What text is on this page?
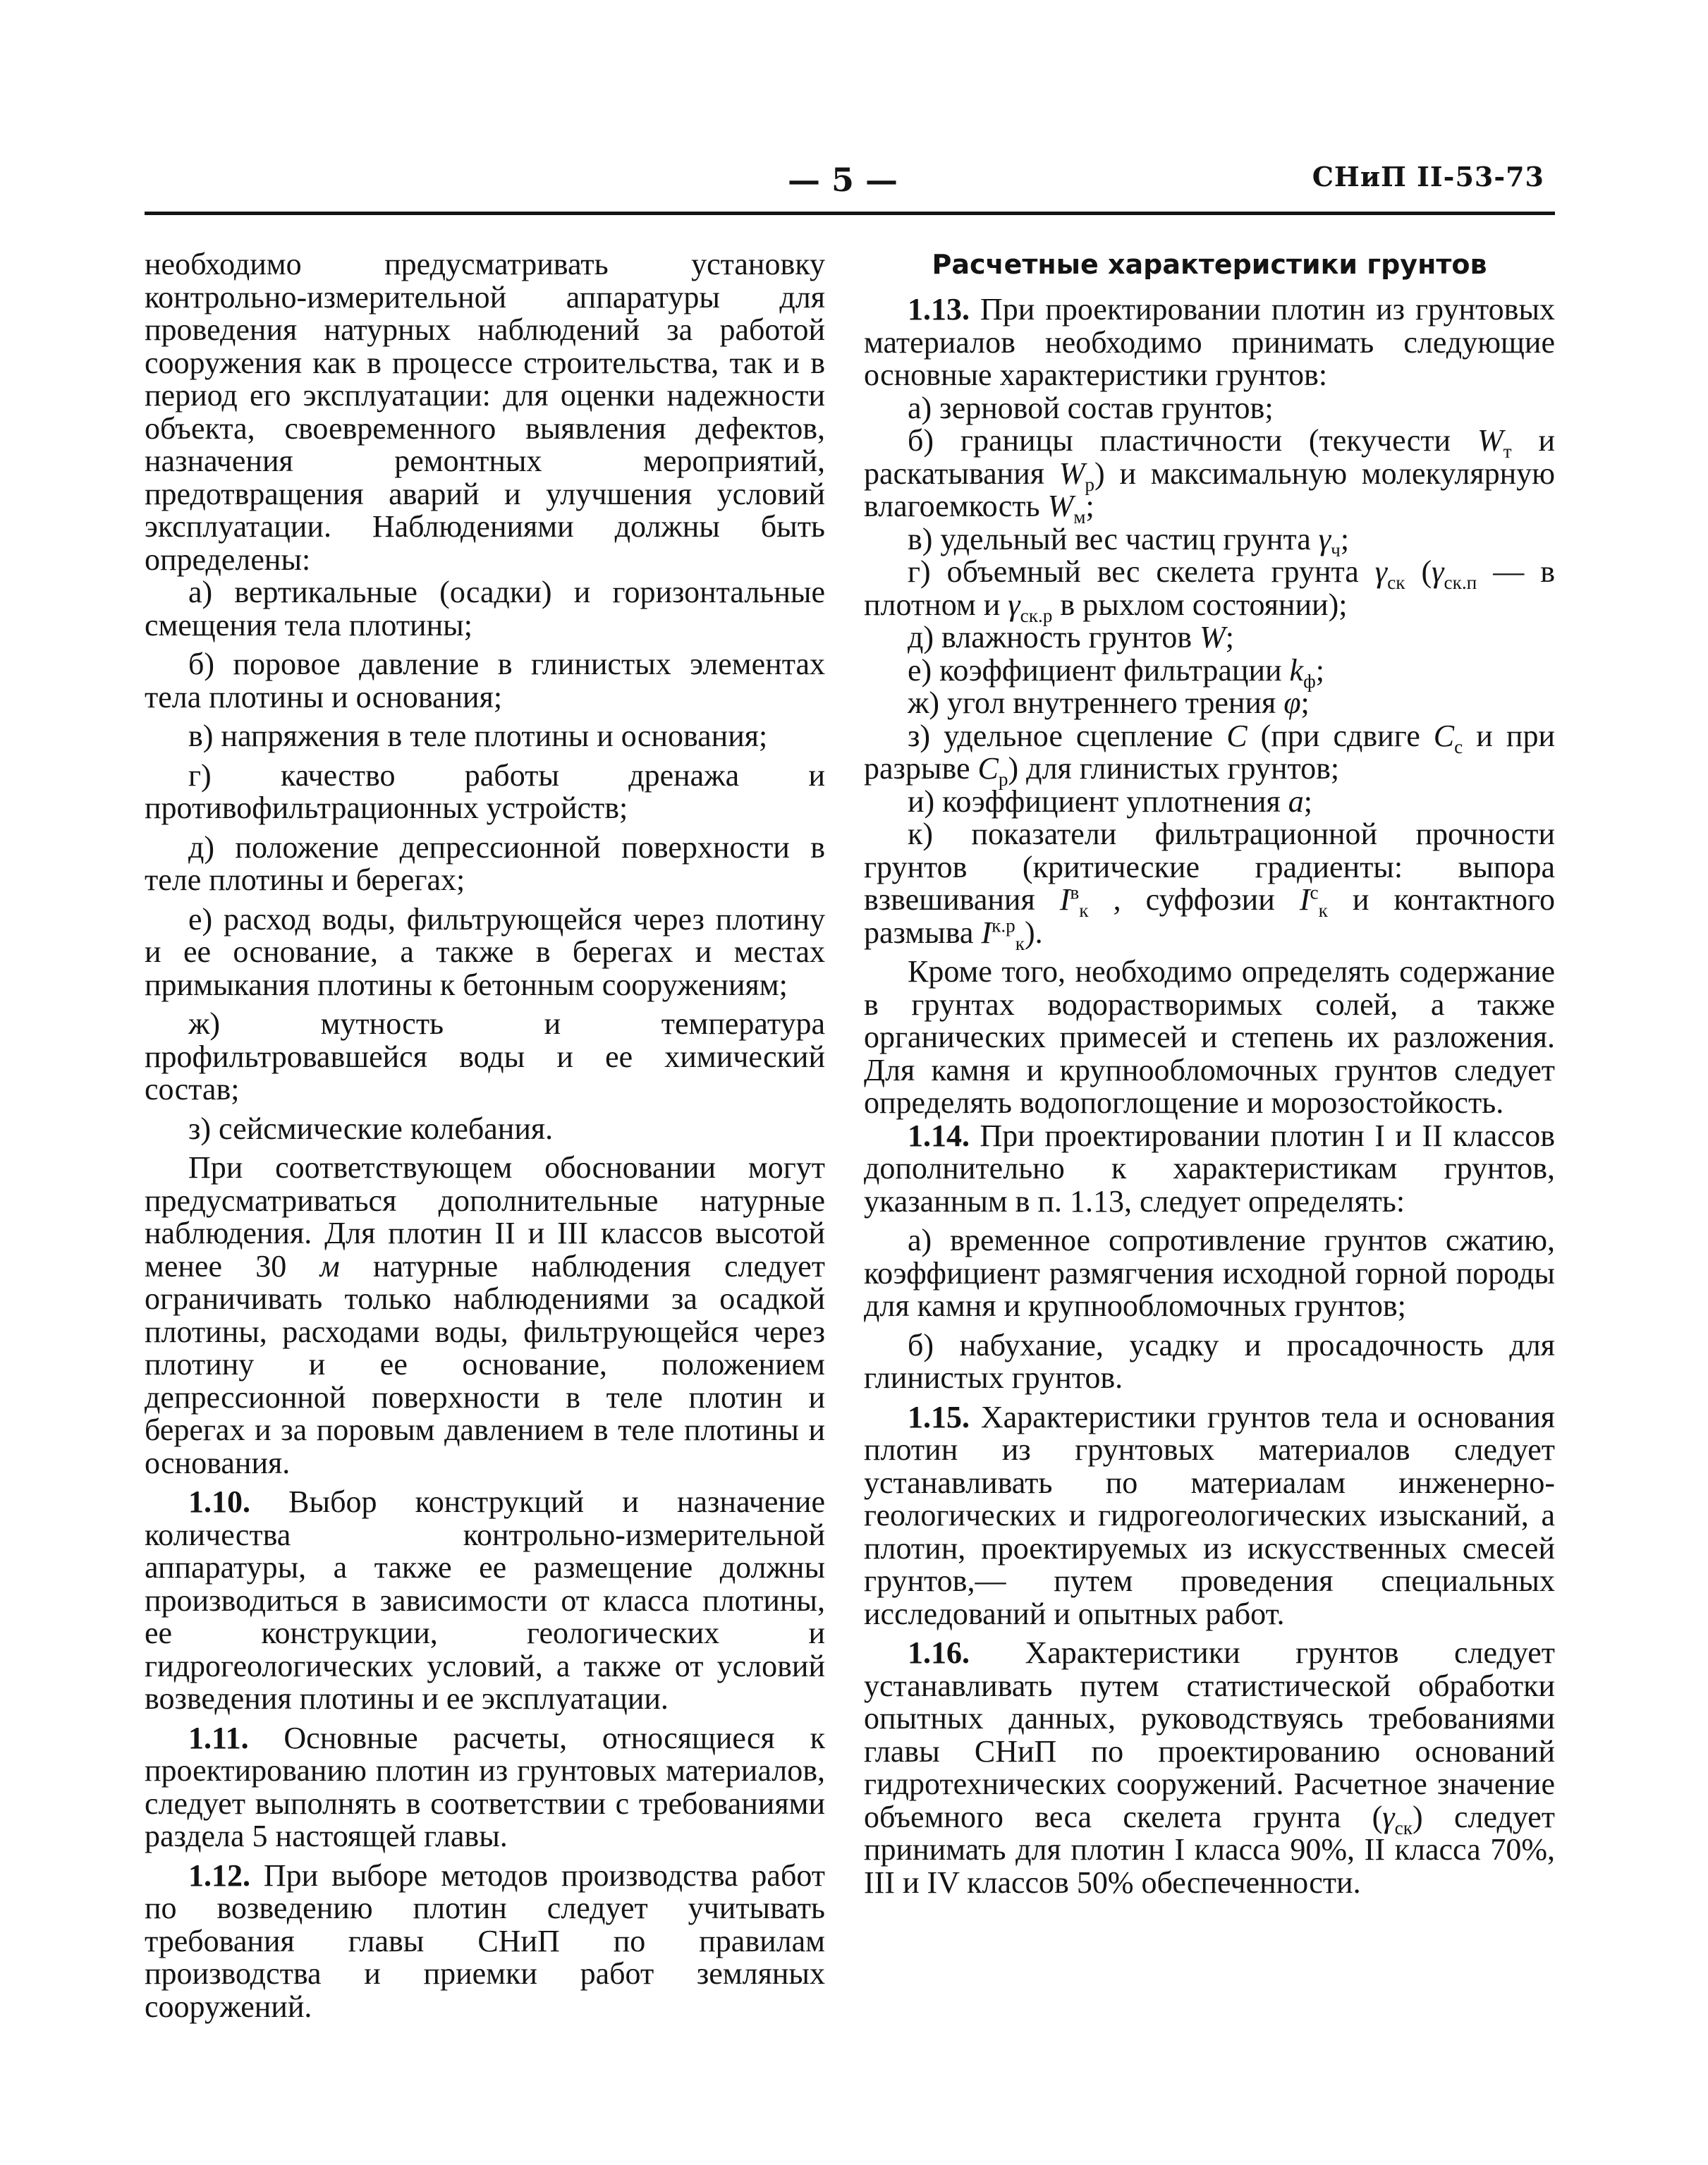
— 5 —	СНиП II-53-73

необходимо предусматривать установку контрольно-измерительной аппаратуры для проведения натурных наблюдений за работой сооружения как в процессе строительства, так и в период его эксплуатации: для оценки надежности объекта, своевременного выявления дефектов, назначения ремонтных мероприятий, предотвращения аварий и улучшения условий эксплуатации. Наблюдениями должны быть определены:

а) вертикальные (осадки) и горизонтальные смещения тела плотины;

б) поровое давление в глинистых элементах тела плотины и основания;

в) напряжения в теле плотины и основания;

г) качество работы дренажа и противофильтрационных устройств;

д) положение депрессионной поверхности в теле плотины и берегах;

е) расход воды, фильтрующейся через плотину и ее основание, а также в берегах и местах примыкания плотины к бетонным сооружениям;

ж) мутность и температура профильтровавшейся воды и ее химический состав;

з) сейсмические колебания.

При соответствующем обосновании могут предусматриваться дополнительные натурные наблюдения. Для плотин II и III классов высотой менее 30 м натурные наблюдения следует ограничивать только наблюдениями за осадкой плотины, расходами воды, фильтрующейся через плотину и ее основание, положением депрессионной поверхности в теле плотин и берегах и за поровым давлением в теле плотины и основания.

1.10. Выбор конструкций и назначение количества контрольно-измерительной аппаратуры, а также ее размещение должны производиться в зависимости от класса плотины, ее конструкции, геологических и гидрогеологических условий, а также от условий возведения плотины и ее эксплуатации.

1.11. Основные расчеты, относящиеся к проектированию плотин из грунтовых материалов, следует выполнять в соответствии с требованиями раздела 5 настоящей главы.

1.12. При выборе методов производства работ по возведению плотин следует учитывать требования главы СНиП по правилам производства и приемки работ земляных сооружений.

Расчетные характеристики грунтов

1.13. При проектировании плотин из грунтовых материалов необходимо принимать следующие основные характеристики грунтов:

а) зерновой состав грунтов;

б) границы пластичности (текучести $W_т$ и раскатывания $W_р$) и максимальную молекулярную влагоемкость $W_м$;

в) удельный вес частиц грунта $\gamma_ч$;

г) объемный вес скелета грунта $\gamma_{ск}$ ($\gamma_{ск.п}$ — в плотном и $\gamma_{ск.р}$ в рыхлом состоянии);

д) влажность грунтов W;

е) коэффициент фильтрации $k_ф$;

ж) угол внутреннего трения φ;

з) удельное сцепление C (при сдвиге $C_с$ и при разрыве $C_р$) для глинистых грунтов;

и) коэффициент уплотнения a;

к) показатели фильтрационной прочности грунтов (критические градиенты: выпора взвешивания $I^в_к$ , суффозии $I^с_к$ и контактного размыва $I^{к.р}_к$).

Кроме того, необходимо определять содержание в грунтах водорастворимых солей, а также органических примесей и степень их разложения. Для камня и крупнообломочных грунтов следует определять водопоглощение и морозостойкость.

1.14. При проектировании плотин I и II классов дополнительно к характеристикам грунтов, указанным в п. 1.13, следует определять:

а) временное сопротивление грунтов сжатию, коэффициент размягчения исходной горной породы для камня и крупнообломочных грунтов;

б) набухание, усадку и просадочность для глинистых грунтов.

1.15. Характеристики грунтов тела и основания плотин из грунтовых материалов следует устанавливать по материалам инженерно-геологических и гидрогеологических изысканий, а плотин, проектируемых из искусственных смесей грунтов,— путем проведения специальных исследований и опытных работ.

1.16. Характеристики грунтов следует устанавливать путем статистической обработки опытных данных, руководствуясь требованиями главы СНиП по проектированию оснований гидротехнических сооружений. Расчетное значение объемного веса скелета грунта $(\gamma_{ск})$ следует принимать для плотин I класса 90%, II класса 70%, III и IV классов 50% обеспеченности.
